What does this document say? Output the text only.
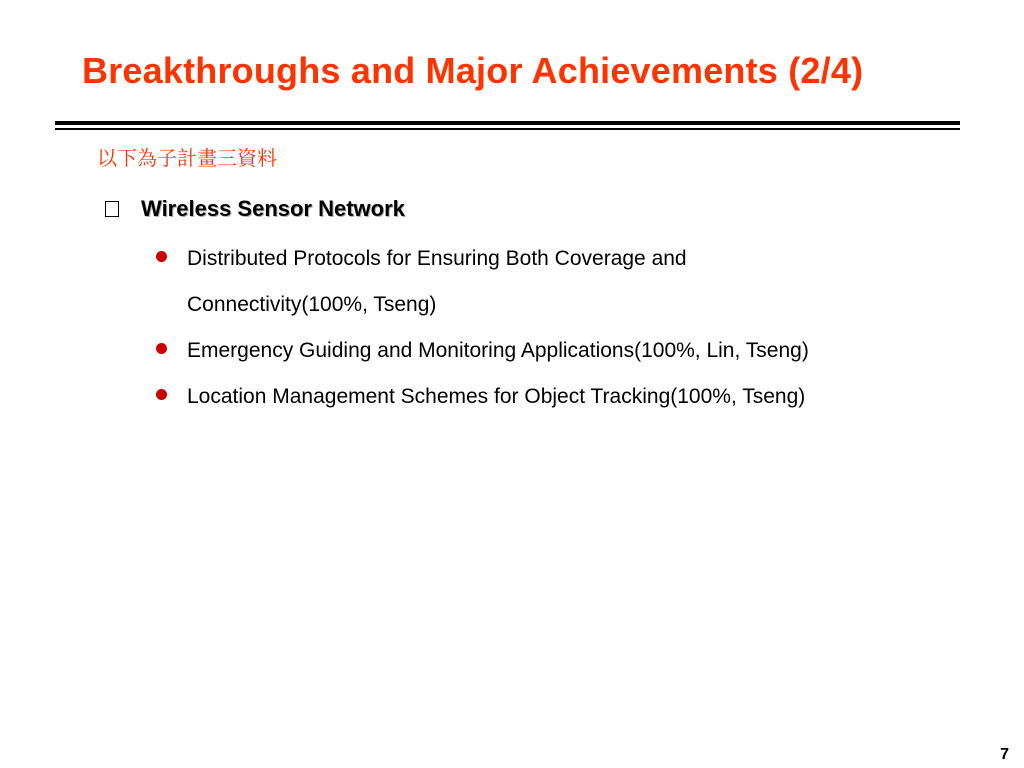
Breakthroughs and Major Achievements (2/4)
以下為子計畫三資料
Wireless Sensor Network
Distributed Protocols for Ensuring Both Coverage and Connectivity(100%, Tseng)
Emergency Guiding and Monitoring Applications(100%, Lin, Tseng)
Location Management Schemes for Object Tracking(100%, Tseng)
7
